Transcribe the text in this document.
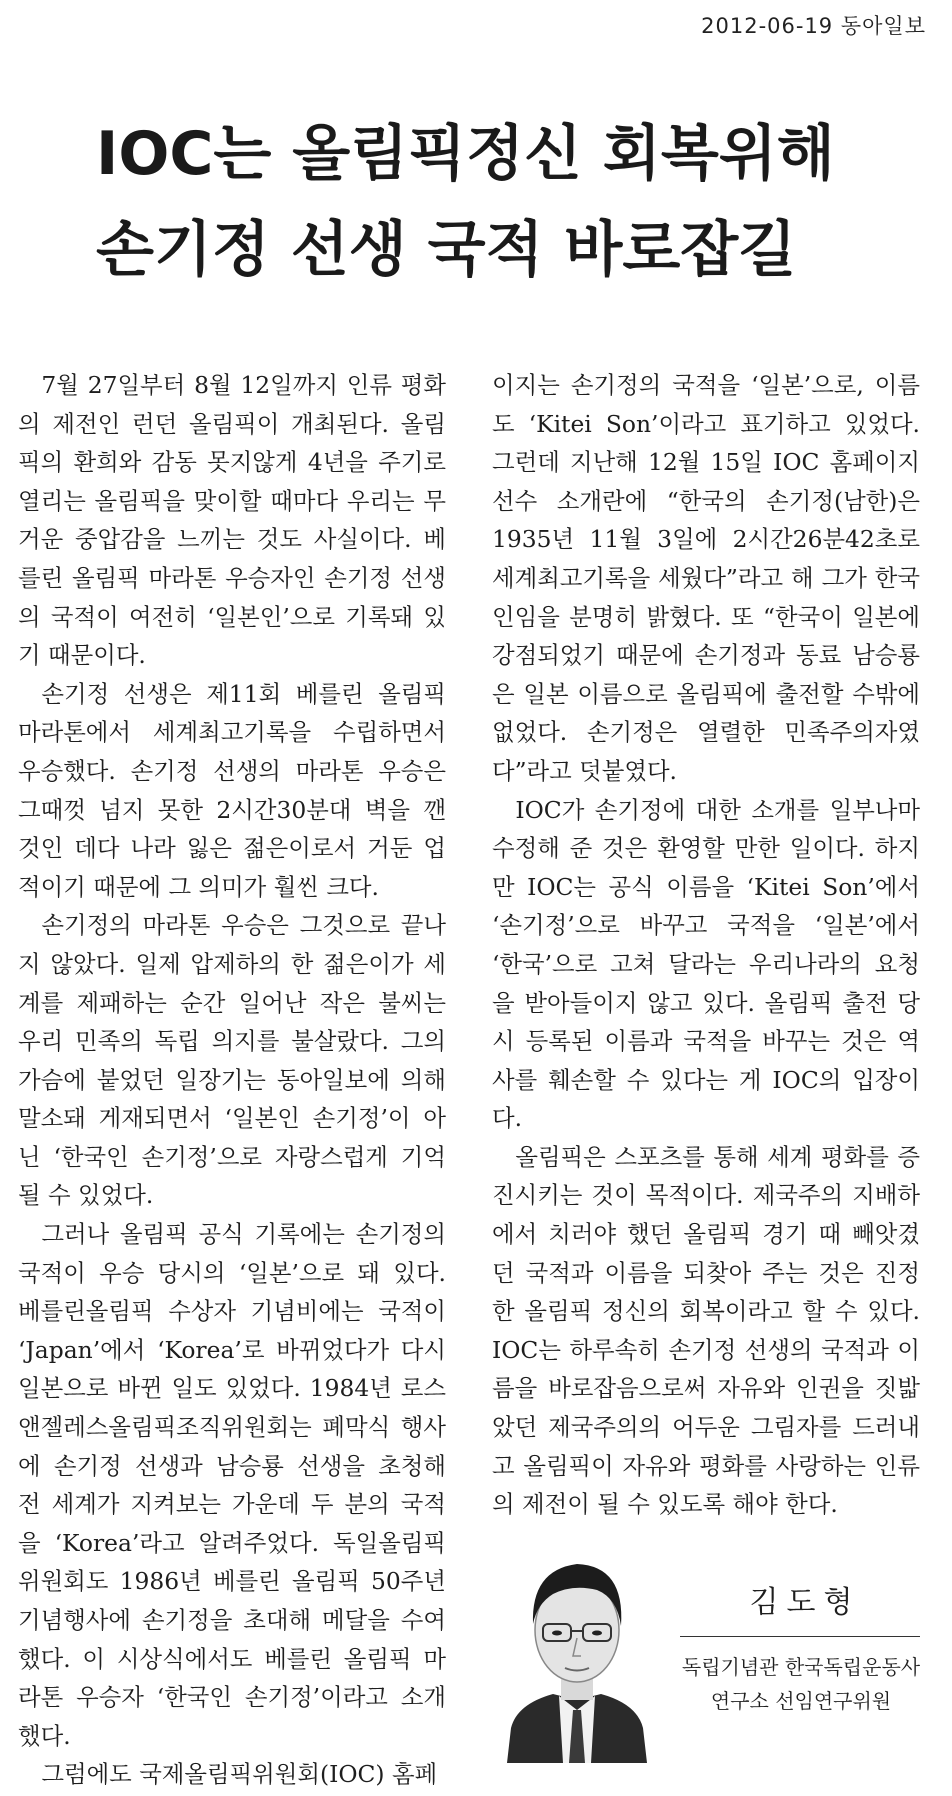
2012-06-19 동아일보
IOC는 올림픽정신 회복위해
손기정 선생 국적 바로잡길

7월 27일부터 8월 12일까지 인류 평화의 제전인 런던 올림픽이 개최된다. 올림픽의 환희와 감동 못지않게 4년을 주기로 열리는 올림픽을 맞이할 때마다 우리는 무거운 중압감을 느끼는 것도 사실이다. 베를린 올림픽 마라톤 우승자인 손기정 선생의 국적이 여전히 ‘일본인’으로 기록돼 있기 때문이다.

손기정 선생은 제11회 베를린 올림픽 마라톤에서 세계최고기록을 수립하면서 우승했다. 손기정 선생의 마라톤 우승은 그때껏 넘지 못한 2시간30분대 벽을 깬 것인 데다 나라 잃은 젊은이로서 거둔 업적이기 때문에 그 의미가 훨씬 크다.

손기정의 마라톤 우승은 그것으로 끝나지 않았다. 일제 압제하의 한 젊은이가 세계를 제패하는 순간 일어난 작은 불씨는 우리 민족의 독립 의지를 불살랐다. 그의 가슴에 붙었던 일장기는 동아일보에 의해 말소돼 게재되면서 ‘일본인 손기정’이 아닌 ‘한국인 손기정’으로 자랑스럽게 기억될 수 있었다.

그러나 올림픽 공식 기록에는 손기정의 국적이 우승 당시의 ‘일본’으로 돼 있다. 베를린올림픽 수상자 기념비에는 국적이 ‘Japan’에서 ‘Korea’로 바뀌었다가 다시 일본으로 바뀐 일도 있었다. 1984년 로스앤젤레스올림픽조직위원회는 폐막식 행사에 손기정 선생과 남승룡 선생을 초청해 전 세계가 지켜보는 가운데 두 분의 국적을 ‘Korea’라고 알려주었다. 독일올림픽위원회도 1986년 베를린 올림픽 50주년 기념행사에 손기정을 초대해 메달을 수여했다. 이 시상식에서도 베를린 올림픽 마라톤 우승자 ‘한국인 손기정’이라고 소개했다.

그럼에도 국제올림픽위원회(IOC) 홈페

이지는 손기정의 국적을 ‘일본’으로, 이름도 ‘Kitei Son’이라고 표기하고 있었다. 그런데 지난해 12월 15일 IOC 홈페이지 선수 소개란에 “한국의 손기정(남한)은 1935년 11월 3일에 2시간26분42초로 세계최고기록을 세웠다”라고 해 그가 한국인임을 분명히 밝혔다. 또 “한국이 일본에 강점되었기 때문에 손기정과 동료 남승룡은 일본 이름으로 올림픽에 출전할 수밖에 없었다. 손기정은 열렬한 민족주의자였다”라고 덧붙였다.

IOC가 손기정에 대한 소개를 일부나마 수정해 준 것은 환영할 만한 일이다. 하지만 IOC는 공식 이름을 ‘Kitei Son’에서 ‘손기정’으로 바꾸고 국적을 ‘일본’에서 ‘한국’으로 고쳐 달라는 우리나라의 요청을 받아들이지 않고 있다. 올림픽 출전 당시 등록된 이름과 국적을 바꾸는 것은 역사를 훼손할 수 있다는 게 IOC의 입장이다.

올림픽은 스포츠를 통해 세계 평화를 증진시키는 것이 목적이다. 제국주의 지배하에서 치러야 했던 올림픽 경기 때 빼앗겼던 국적과 이름을 되찾아 주는 것은 진정한 올림픽 정신의 회복이라고 할 수 있다. IOC는 하루속히 손기정 선생의 국적과 이름을 바로잡음으로써 자유와 인권을 짓밟았던 제국주의의 어두운 그림자를 드러내고 올림픽이 자유와 평화를 사랑하는 인류의 제전이 될 수 있도록 해야 한다.

김도형
독립기념관 한국독립운동사
연구소 선임연구위원
